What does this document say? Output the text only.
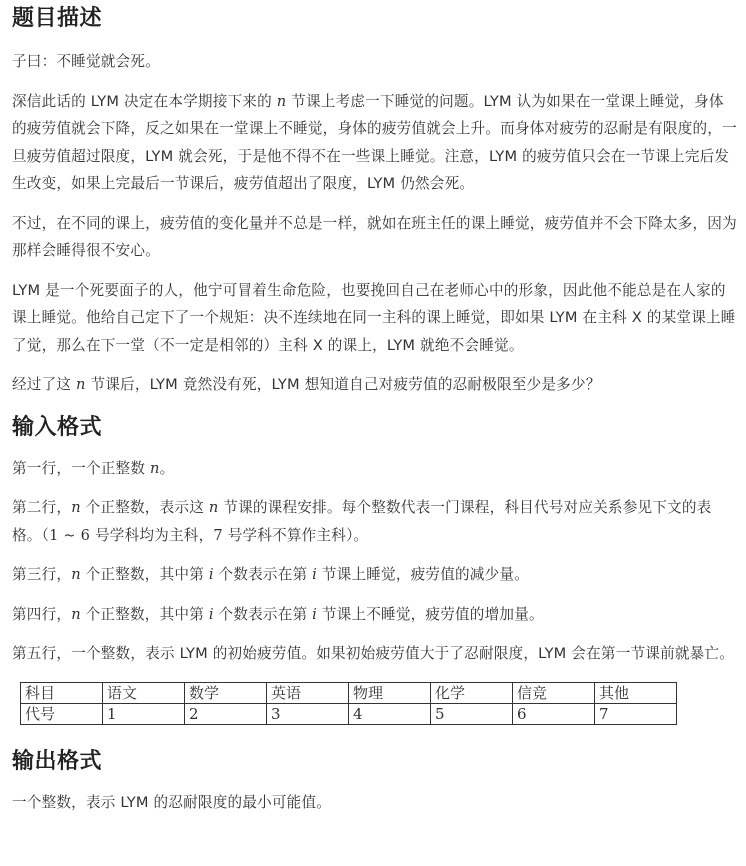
题目描述

子曰：不睡觉就会死。

深信此话的 LYM 决定在本学期接下来的 n 节课上考虑一下睡觉的问题。LYM 认为如果在一堂课上睡觉，身体的疲劳值就会下降，反之如果在一堂课上不睡觉，身体的疲劳值就会上升。而身体对疲劳的忍耐是有限度的，一旦疲劳值超过限度，LYM 就会死，于是他不得不在一些课上睡觉。注意，LYM 的疲劳值只会在一节课上完后发生改变，如果上完最后一节课后，疲劳值超出了限度，LYM 仍然会死。

不过，在不同的课上，疲劳值的变化量并不总是一样，就如在班主任的课上睡觉，疲劳值并不会下降太多，因为那样会睡得很不安心。

LYM 是一个死要面子的人，他宁可冒着生命危险，也要挽回自己在老师心中的形象，因此他不能总是在人家的课上睡觉。他给自己定下了一个规矩：决不连续地在同一主科的课上睡觉，即如果 LYM 在主科 X 的某堂课上睡了觉，那么在下一堂（不一定是相邻的）主科 X 的课上，LYM 就绝不会睡觉。

经过了这 n 节课后，LYM 竟然没有死，LYM 想知道自己对疲劳值的忍耐极限至少是多少？

输入格式

第一行，一个正整数 n。

第二行，n 个正整数，表示这 n 节课的课程安排。每个整数代表一门课程，科目代号对应关系参见下文的表格。（1 ∼ 6 号学科均为主科，7 号学科不算作主科）。

第三行，n 个正整数，其中第 i 个数表示在第 i 节课上睡觉，疲劳值的减少量。

第四行，n 个正整数，其中第 i 个数表示在第 i 节课上不睡觉，疲劳值的增加量。

第五行，一个整数，表示 LYM 的初始疲劳值。如果初始疲劳值大于了忍耐限度，LYM 会在第一节课前就暴亡。

科目	语文	数学	英语	物理	化学	信竞	其他
代号	1	2	3	4	5	6	7
输出格式

一个整数，表示 LYM 的忍耐限度的最小可能值。
